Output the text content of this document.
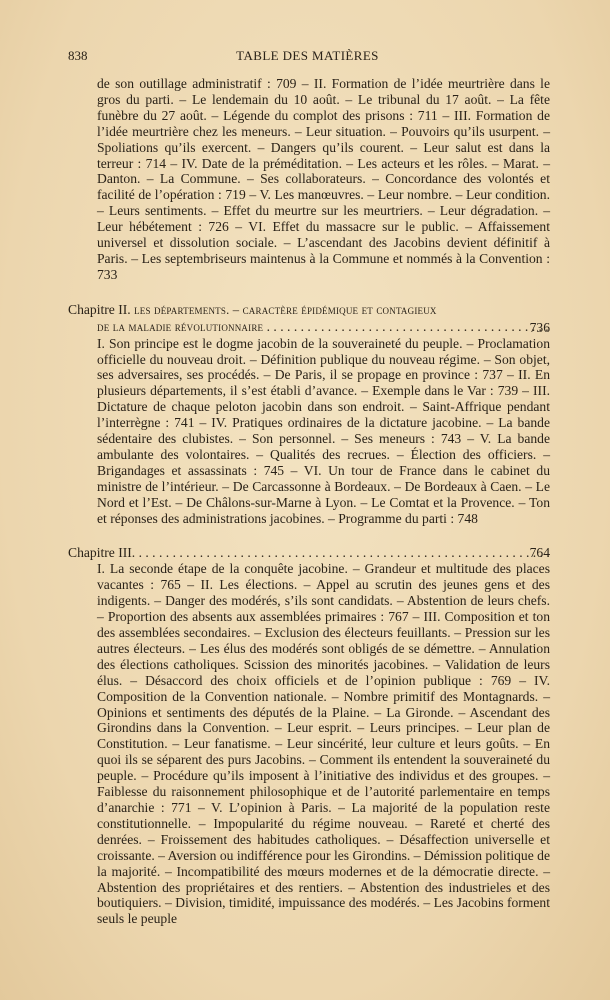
838	TABLE DES MATIÈRES

de son outillage administratif : 709 – II. Formation de l’idée meurtrière dans le gros du parti. – Le lendemain du 10 août. – Le tribunal du 17 août. – La fête funèbre du 27 août. – Légende du complot des prisons : 711 – III. Formation de l’idée meurtrière chez les meneurs. – Leur situation. – Pouvoirs qu’ils usurpent. – Spoliations qu’ils exercent. – Dangers qu’ils courent. – Leur salut est dans la terreur : 714 – IV. Date de la préméditation. – Les acteurs et les rôles. – Marat. – Danton. – La Commune. – Ses collaborateurs. – Concordance des volontés et facilité de l’opération : 719 – V. Les manœuvres. – Leur nombre. – Leur condition. – Leurs sentiments. – Effet du meurtre sur les meurtriers. – Leur dégradation. – Leur hébétement : 726 – VI. Effet du massacre sur le public. – Affaissement universel et dissolution sociale. – L’ascendant des Jacobins devient définitif à Paris. – Les septembriseurs maintenus à la Commune et nommés à la Convention : 733

Chapitre II. les départements. – caractère épidémique et contagieux
de la maladie révolutionnaire . . .	736

I. Son principe est le dogme jacobin de la souveraineté du peuple. – Proclamation officielle du nouveau droit. – Définition publique du nouveau régime. – Son objet, ses adversaires, ses procédés. – De Paris, il se propage en province : 737 – II. En plusieurs départements, il s’est établi d’avance. – Exemple dans le Var : 739 – III. Dictature de chaque peloton jacobin dans son endroit. – Saint-Affrique pendant l’interrègne : 741 – IV. Pratiques ordinaires de la dictature jacobine. – La bande sédentaire des clubistes. – Son personnel. – Ses meneurs : 743 – V. La bande ambulante des volontaires. – Qualités des recrues. – Élection des officiers. – Brigandages et assassinats : 745 – VI. Un tour de France dans le cabinet du ministre de l’intérieur. – De Carcassonne à Bordeaux. – De Bordeaux à Caen. – Le Nord et l’Est. – De Châlons-sur-Marne à Lyon. – Le Comtat et la Provence. – Ton et réponses des administrations jacobines. – Programme du parti : 748

Chapitre III. . . .	764

I. La seconde étape de la conquête jacobine. – Grandeur et multitude des places vacantes : 765 – II. Les élections. – Appel au scrutin des jeunes gens et des indigents. – Danger des modérés, s’ils sont candidats. – Abstention de leurs chefs. – Proportion des absents aux assemblées primaires : 767 – III. Composition et ton des assemblées secondaires. – Exclusion des électeurs feuillants. – Pression sur les autres électeurs. – Les élus des modérés sont obligés de se démettre. – Annulation des élections catholiques. Scission des minorités jacobines. – Validation de leurs élus. – Désaccord des choix officiels et de l’opinion publique : 769 – IV. Composition de la Convention nationale. – Nombre primitif des Montagnards. – Opinions et sentiments des députés de la Plaine. – La Gironde. – Ascendant des Girondins dans la Convention. – Leur esprit. – Leurs principes. – Leur plan de Constitution. – Leur fanatisme. – Leur sincérité, leur culture et leurs goûts. – En quoi ils se séparent des purs Jacobins. – Comment ils entendent la souveraineté du peuple. – Procédure qu’ils imposent à l’initiative des individus et des groupes. – Faiblesse du raisonnement philosophique et de l’autorité parlementaire en temps d’anarchie : 771 – V. L’opinion à Paris. – La majorité de la population reste constitutionnelle. – Impopularité du régime nouveau. – Rareté et cherté des denrées. – Froissement des habitudes catholiques. – Désaffection universelle et croissante. – Aversion ou indifférence pour les Girondins. – Démission politique de la majorité. – Incompatibilité des mœurs modernes et de la démocratie directe. – Abstention des propriétaires et des rentiers. – Abstention des industrieles et des boutiquiers. – Division, timidité, impuissance des modérés. – Les Jacobins forment seuls le peuple
